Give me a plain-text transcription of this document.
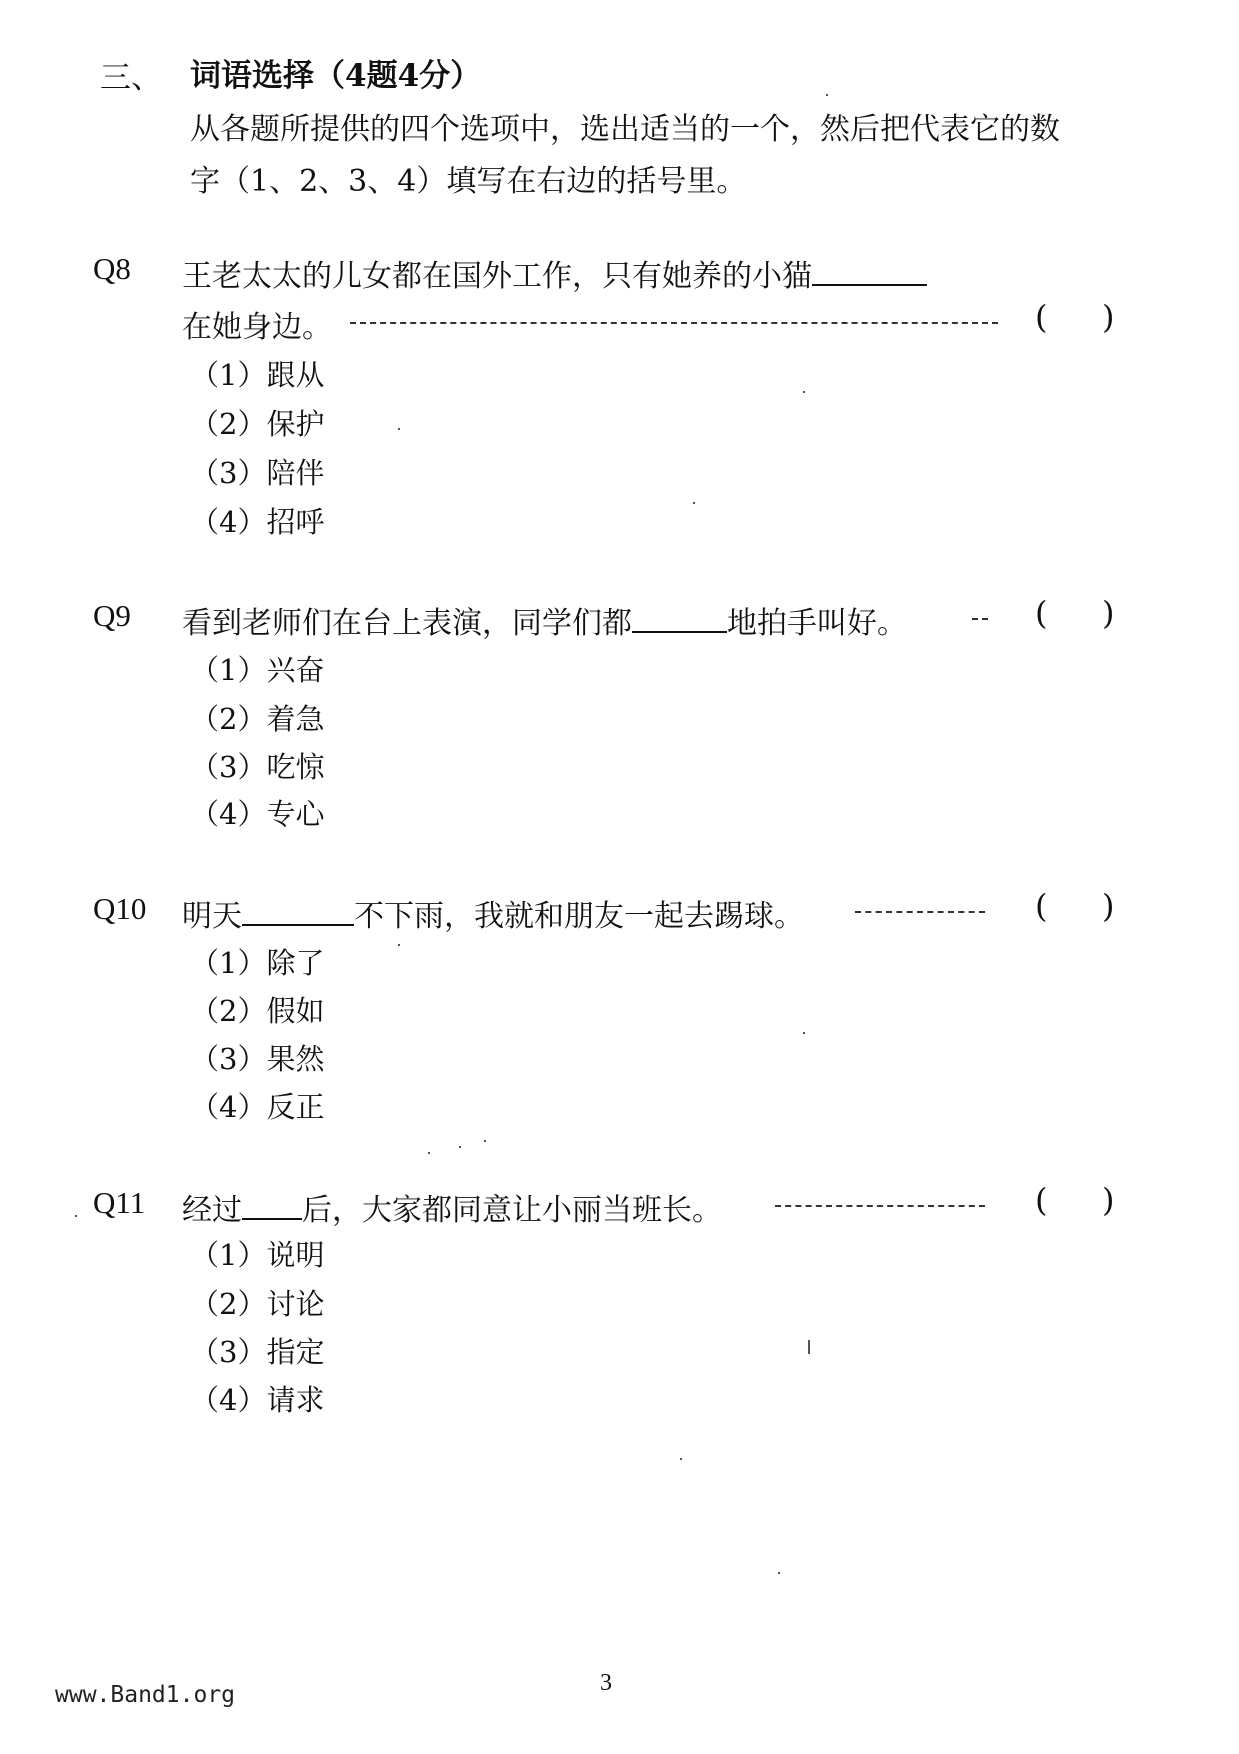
三、 词语选择（4题4分）
从各题所提供的四个选项中，选出适当的一个，然后把代表它的数
字（1、2、3、4）填写在右边的括号里。
Q8 王老太太的儿女都在国外工作，只有她养的小猫
在她身边。	( )
（1）跟从
（2）保护
（3）陪伴
（4）招呼
Q9 看到老师们在台上表演，同学们都	地拍手叫好。	( )
（1）兴奋
（2）着急
（3）吃惊
（4）专心
Q10 明天	不下雨，我就和朋友一起去踢球。	( )
（1）除了
（2）假如
（3）果然
（4）反正
Q11 经过 后，大家都同意让小丽当班长。	( )
（1）说明
（2）讨论
（3）指定
（4）请求
www.Band1.org	3
